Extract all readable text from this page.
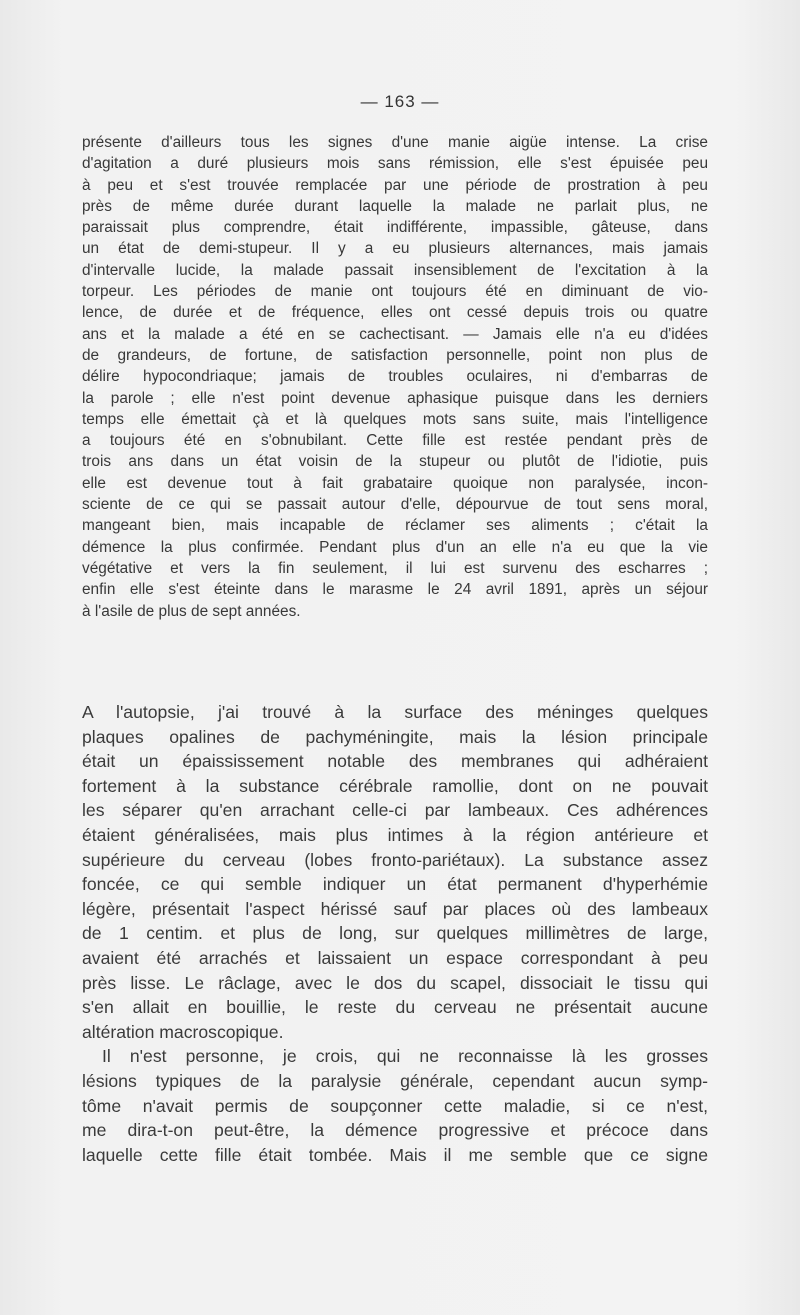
— 163 —
présente d'ailleurs tous les signes d'une manie aigüe intense. La crise
d'agitation a duré plusieurs mois sans rémission, elle s'est épuisée peu
à peu et s'est trouvée remplacée par une période de prostration à peu
près de même durée durant laquelle la malade ne parlait plus, ne
paraissait plus comprendre, était indifférente, impassible, gâteuse, dans
un état de demi-stupeur. Il y a eu plusieurs alternances, mais jamais
d'intervalle lucide, la malade passait insensiblement de l'excitation à la
torpeur. Les périodes de manie ont toujours été en diminuant de vio-
lence, de durée et de fréquence, elles ont cessé depuis trois ou quatre
ans et la malade a été en se cachectisant. — Jamais elle n'a eu d'idées
de grandeurs, de fortune, de satisfaction personnelle, point non plus de
délire hypocondriaque; jamais de troubles oculaires, ni d'embarras de
la parole ; elle n'est point devenue aphasique puisque dans les derniers
temps elle émettait çà et là quelques mots sans suite, mais l'intelligence
a toujours été en s'obnubilant. Cette fille est restée pendant près de
trois ans dans un état voisin de la stupeur ou plutôt de l'idiotie, puis
elle est devenue tout à fait grabataire quoique non paralysée, incon-
sciente de ce qui se passait autour d'elle, dépourvue de tout sens moral,
mangeant bien, mais incapable de réclamer ses aliments ; c'était la
démence la plus confirmée. Pendant plus d'un an elle n'a eu que la vie
végétative et vers la fin seulement, il lui est survenu des escharres ;
enfin elle s'est éteinte dans le marasme le 24 avril 1891, après un séjour
à l'asile de plus de sept années.
A l'autopsie, j'ai trouvé à la surface des méninges quelques
plaques opalines de pachyméningite, mais la lésion principale
était un épaississement notable des membranes qui adhéraient
fortement à la substance cérébrale ramollie, dont on ne pouvait
les séparer qu'en arrachant celle-ci par lambeaux. Ces adhérences
étaient généralisées, mais plus intimes à la région antérieure et
supérieure du cerveau (lobes fronto-pariétaux). La substance assez
foncée, ce qui semble indiquer un état permanent d'hyperhémie
légère, présentait l'aspect hérissé sauf par places où des lambeaux
de 1 centim. et plus de long, sur quelques millimètres de large,
avaient été arrachés et laissaient un espace correspondant à peu
près lisse. Le râclage, avec le dos du scapel, dissociait le tissu qui
s'en allait en bouillie, le reste du cerveau ne présentait aucune
altération macroscopique.
Il n'est personne, je crois, qui ne reconnaisse là les grosses
lésions typiques de la paralysie générale, cependant aucun symp-
tôme n'avait permis de soupçonner cette maladie, si ce n'est,
me dira-t-on peut-être, la démence progressive et précoce dans
laquelle cette fille était tombée. Mais il me semble que ce signe
